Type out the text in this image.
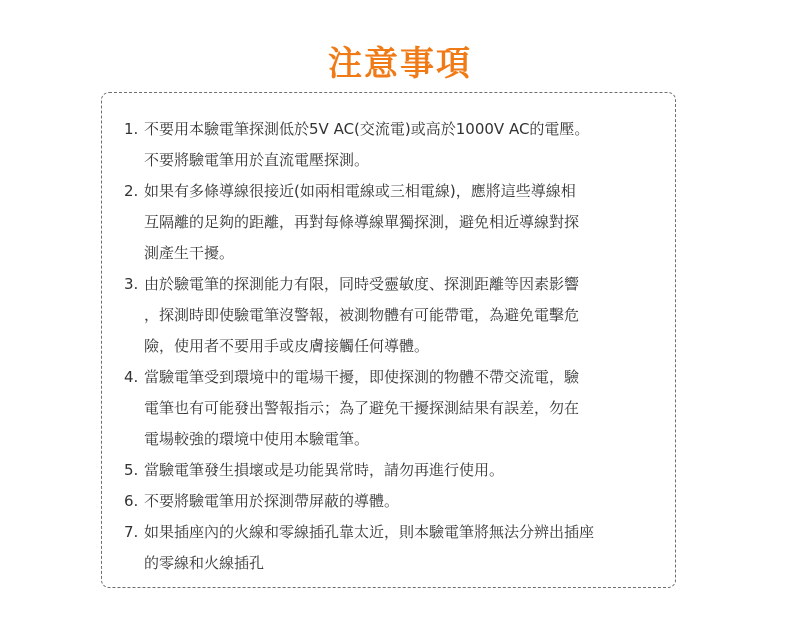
注意事項
1. 不要用本驗電筆探測低於5V AC(交流電)或高於1000V AC的電壓。
不要將驗電筆用於直流電壓探測。
2. 如果有多條導線很接近(如兩相電線或三相電線)，應將這些導線相
互隔離的足夠的距離，再對每條導線單獨探測，避免相近導線對探
測產生干擾。
3. 由於驗電筆的探測能力有限，同時受靈敏度、探測距離等因素影響
，探測時即使驗電筆沒警報，被測物體有可能帶電，為避免電擊危
險，使用者不要用手或皮膚接觸任何導體。
4. 當驗電筆受到環境中的電場干擾，即使探測的物體不帶交流電，驗
電筆也有可能發出警報指示；為了避免干擾探測結果有誤差，勿在
電場較強的環境中使用本驗電筆。
5. 當驗電筆發生損壞或是功能異常時，請勿再進行使用。
6. 不要將驗電筆用於探測帶屏蔽的導體。
7. 如果插座內的火線和零線插孔靠太近，則本驗電筆將無法分辨出插座
的零線和火線插孔
